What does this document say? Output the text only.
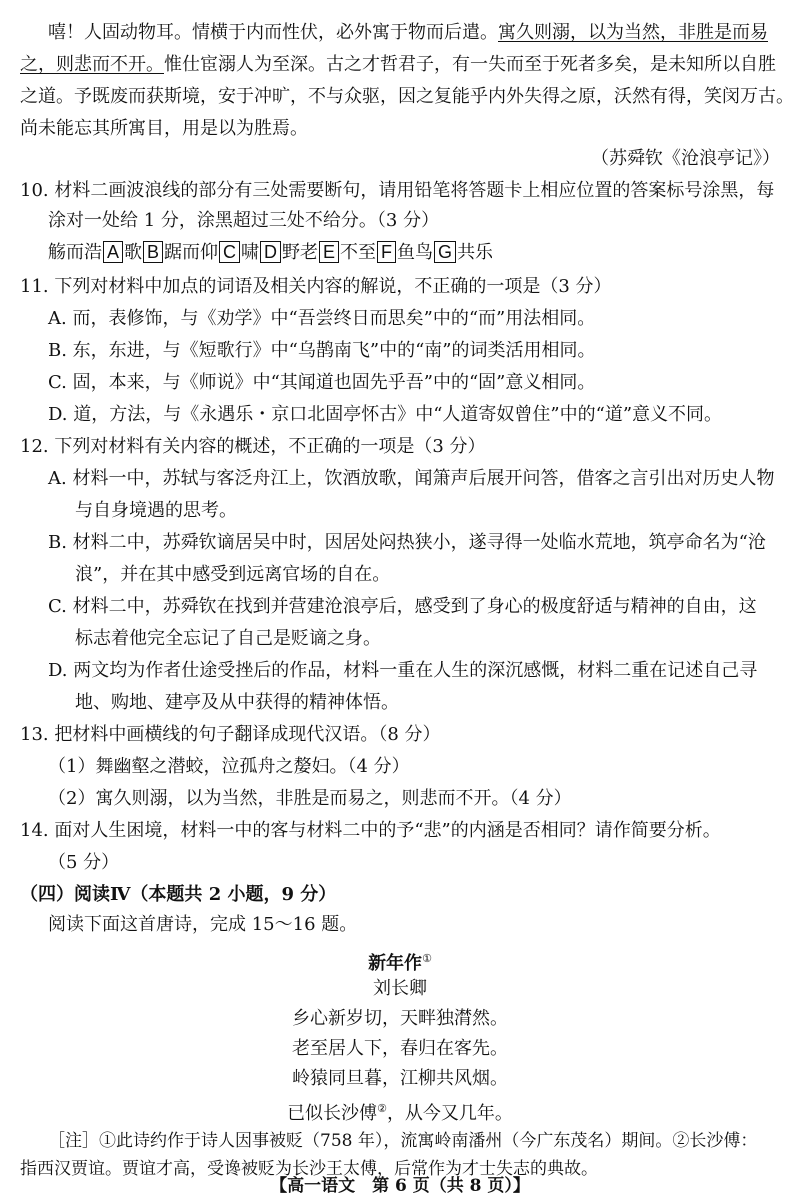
嘻！人固动物耳。情横于内而性伏，必外寓于物而后遣。寓久则溺，以为当然，非胜是而易
之，则悲而不开。惟仕宦溺人为至深。古之才哲君子，有一失而至于死者多矣，是未知所以自胜
之道。予既废而获斯境，安于冲旷，不与众驱，因之复能乎内外失得之原，沃然有得，笑闵万古。
尚未能忘其所寓目，用是以为胜焉。
（苏舜钦《沧浪亭记》）
10. 材料二画波浪线的部分有三处需要断句，请用铅笔将答题卡上相应位置的答案标号涂黑，每
涂对一处给 1 分，涂黑超过三处不给分。（3 分）
觞而浩 A 歌 B 踞而仰 C 啸 D 野老 E 不至 F 鱼鸟 G 共乐
11. 下列对材料中加点的词语及相关内容的解说，不正确的一项是（3 分）
A. 而，表修饰，与《劝学》中“吾尝终日而思矣”中的“而”用法相同。
B. 东，东进，与《短歌行》中“乌鹊南飞”中的“南”的词类活用相同。
C. 固，本来，与《师说》中“其闻道也固先乎吾”中的“固”意义相同。
D. 道，方法，与《永遇乐・京口北固亭怀古》中“人道寄奴曾住”中的“道”意义不同。
12. 下列对材料有关内容的概述，不正确的一项是（3 分）
A. 材料一中，苏轼与客泛舟江上，饮酒放歌，闻箫声后展开问答，借客之言引出对历史人物
与自身境遇的思考。
B. 材料二中，苏舜钦谪居吴中时，因居处闷热狭小，遂寻得一处临水荒地，筑亭命名为“沧
浪”，并在其中感受到远离官场的自在。
C. 材料二中，苏舜钦在找到并营建沧浪亭后，感受到了身心的极度舒适与精神的自由，这
标志着他完全忘记了自己是贬谪之身。
D. 两文均为作者仕途受挫后的作品，材料一重在人生的深沉感慨，材料二重在记述自己寻
地、购地、建亭及从中获得的精神体悟。
13. 把材料中画横线的句子翻译成现代汉语。（8 分）
（1）舞幽壑之潜蛟，泣孤舟之嫠妇。（4 分）
（2）寓久则溺，以为当然，非胜是而易之，则悲而不开。（4 分）
14. 面对人生困境，材料一中的客与材料二中的予“悲”的内涵是否相同？请作简要分析。
（5 分）
（四）阅读Ⅳ（本题共 2 小题，9 分）
阅读下面这首唐诗，完成 15～16 题。
新年作①
刘长卿
乡心新岁切，天畔独潸然。
老至居人下，春归在客先。
岭猿同旦暮，江柳共风烟。
已似长沙傅②，从今又几年。
［注］①此诗约作于诗人因事被贬（758 年），流寓岭南潘州（今广东茂名）期间。②长沙傅：
指西汉贾谊。贾谊才高，受谗被贬为长沙王太傅，后常作为才士失志的典故。
【高一语文　第 6 页（共 8 页）】
